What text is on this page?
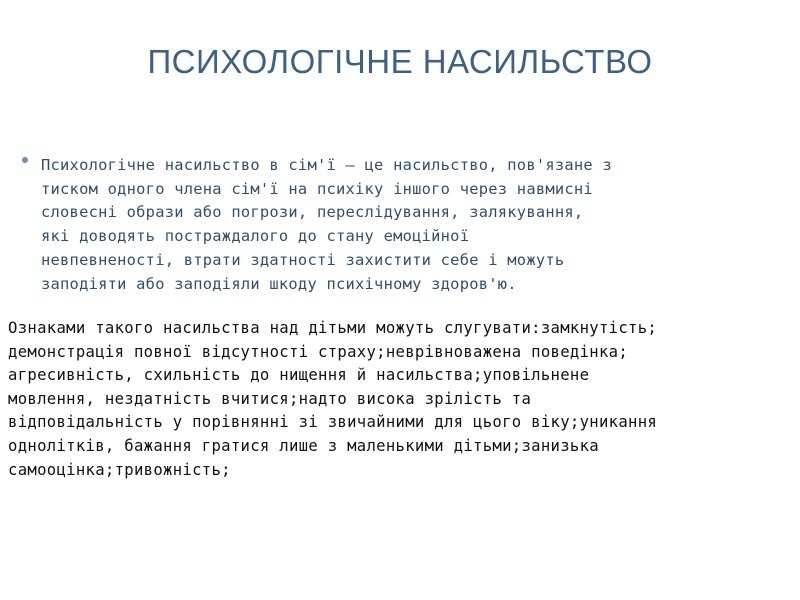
ПСИХОЛОГІЧНЕ НАСИЛЬСТВО
Психологічне насильство в сім'ї — це насильство, пов'язане з
тиском одного члена сім'ї на психіку іншого через навмисні
словесні образи або погрози, переслідування, залякування,
які доводять постраждалого до стану емоційної
невпевненості, втрати здатності захистити себе і можуть
заподіяти або заподіяли шкоду психічному здоров'ю.
Ознаками такого насильства над дітьми можуть слугувати:замкнутість;
демонстрація повної відсутності страху;неврівноважена поведінка;
агресивність, схильність до нищення й насильства;уповільнене
мовлення, нездатність вчитися;надто висока зрілість та
відповідальність у порівнянні зі звичайними для цього віку;уникання
однолітків, бажання гратися лише з маленькими дітьми;занизька
самооцінка;тривожність;
